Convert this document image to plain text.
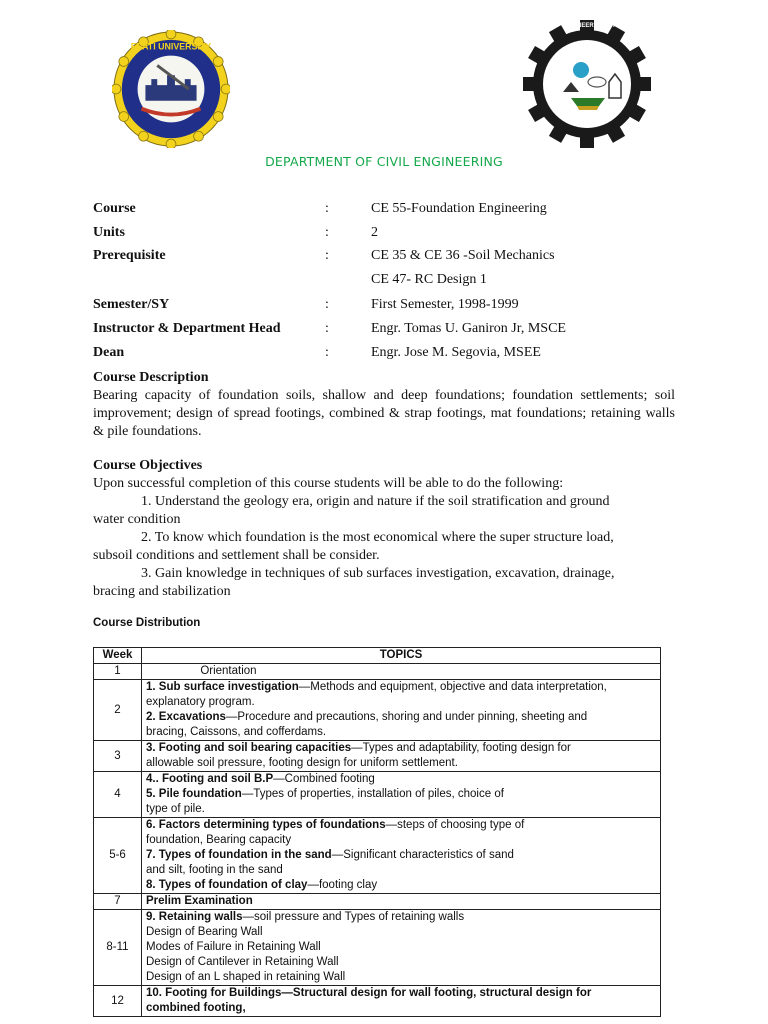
FEATI UNIVERSITY
INSTITUTE OF ENGINEERING & TECHNOLOGY
DEPARTMENT OF CIVIL ENGINEERING
Course	:	CE 55-Foundation Engineering
Units	:	2
Prerequisite	:	CE 35 & CE 36 -Soil Mechanics
CE 47- RC Design 1
Semester/SY	:	First Semester, 1998-1999
Instructor & Department Head	:	Engr. Tomas U. Ganiron Jr, MSCE
Dean	:	Engr. Jose M. Segovia, MSEE
Course Description

Bearing capacity of foundation soils, shallow and deep foundations; foundation settlements; soil improvement; design of spread footings, combined & strap footings, mat foundations; retaining walls & pile foundations.

Course Objectives

Upon successful completion of this course students will be able to do the following:

1. Understand the geology era, origin and nature if the soil stratification and ground
water condition

2. To know which foundation is the most economical where the super structure load,
subsoil conditions and settlement shall be consider.

3. Gain knowledge in techniques of sub surfaces investigation, excavation, drainage,
bracing and stabilization

Course Distribution
Week	TOPICS
1	Orientation

2	1. Sub surface investigation—Methods and equipment, objective and data interpretation,
explanatory program.
2. Excavations—Procedure and precautions, shoring and under pinning, sheeting and
bracing, Caissons, and cofferdams.

3	3. Footing and soil bearing capacities—Types and adaptability, footing design for
allowable soil pressure, footing design for uniform settlement.

4	4.. Footing and soil B.P—Combined footing
5. Pile foundation—Types of properties, installation of piles, choice of
type of pile.

5-6	6. Factors determining types of foundations—steps of choosing type of
foundation, Bearing capacity
7. Types of foundation in the sand—Significant characteristics of sand
and silt, footing in the sand
8. Types of foundation of clay—footing clay

7	Prelim Examination

8-11	9. Retaining walls—soil pressure and Types of retaining walls
Design of Bearing Wall
Modes of Failure in Retaining Wall
Design of Cantilever in Retaining Wall
Design of an L shaped in retaining Wall

12	10. Footing for Buildings—Structural design for wall footing, structural design for
combined footing,
